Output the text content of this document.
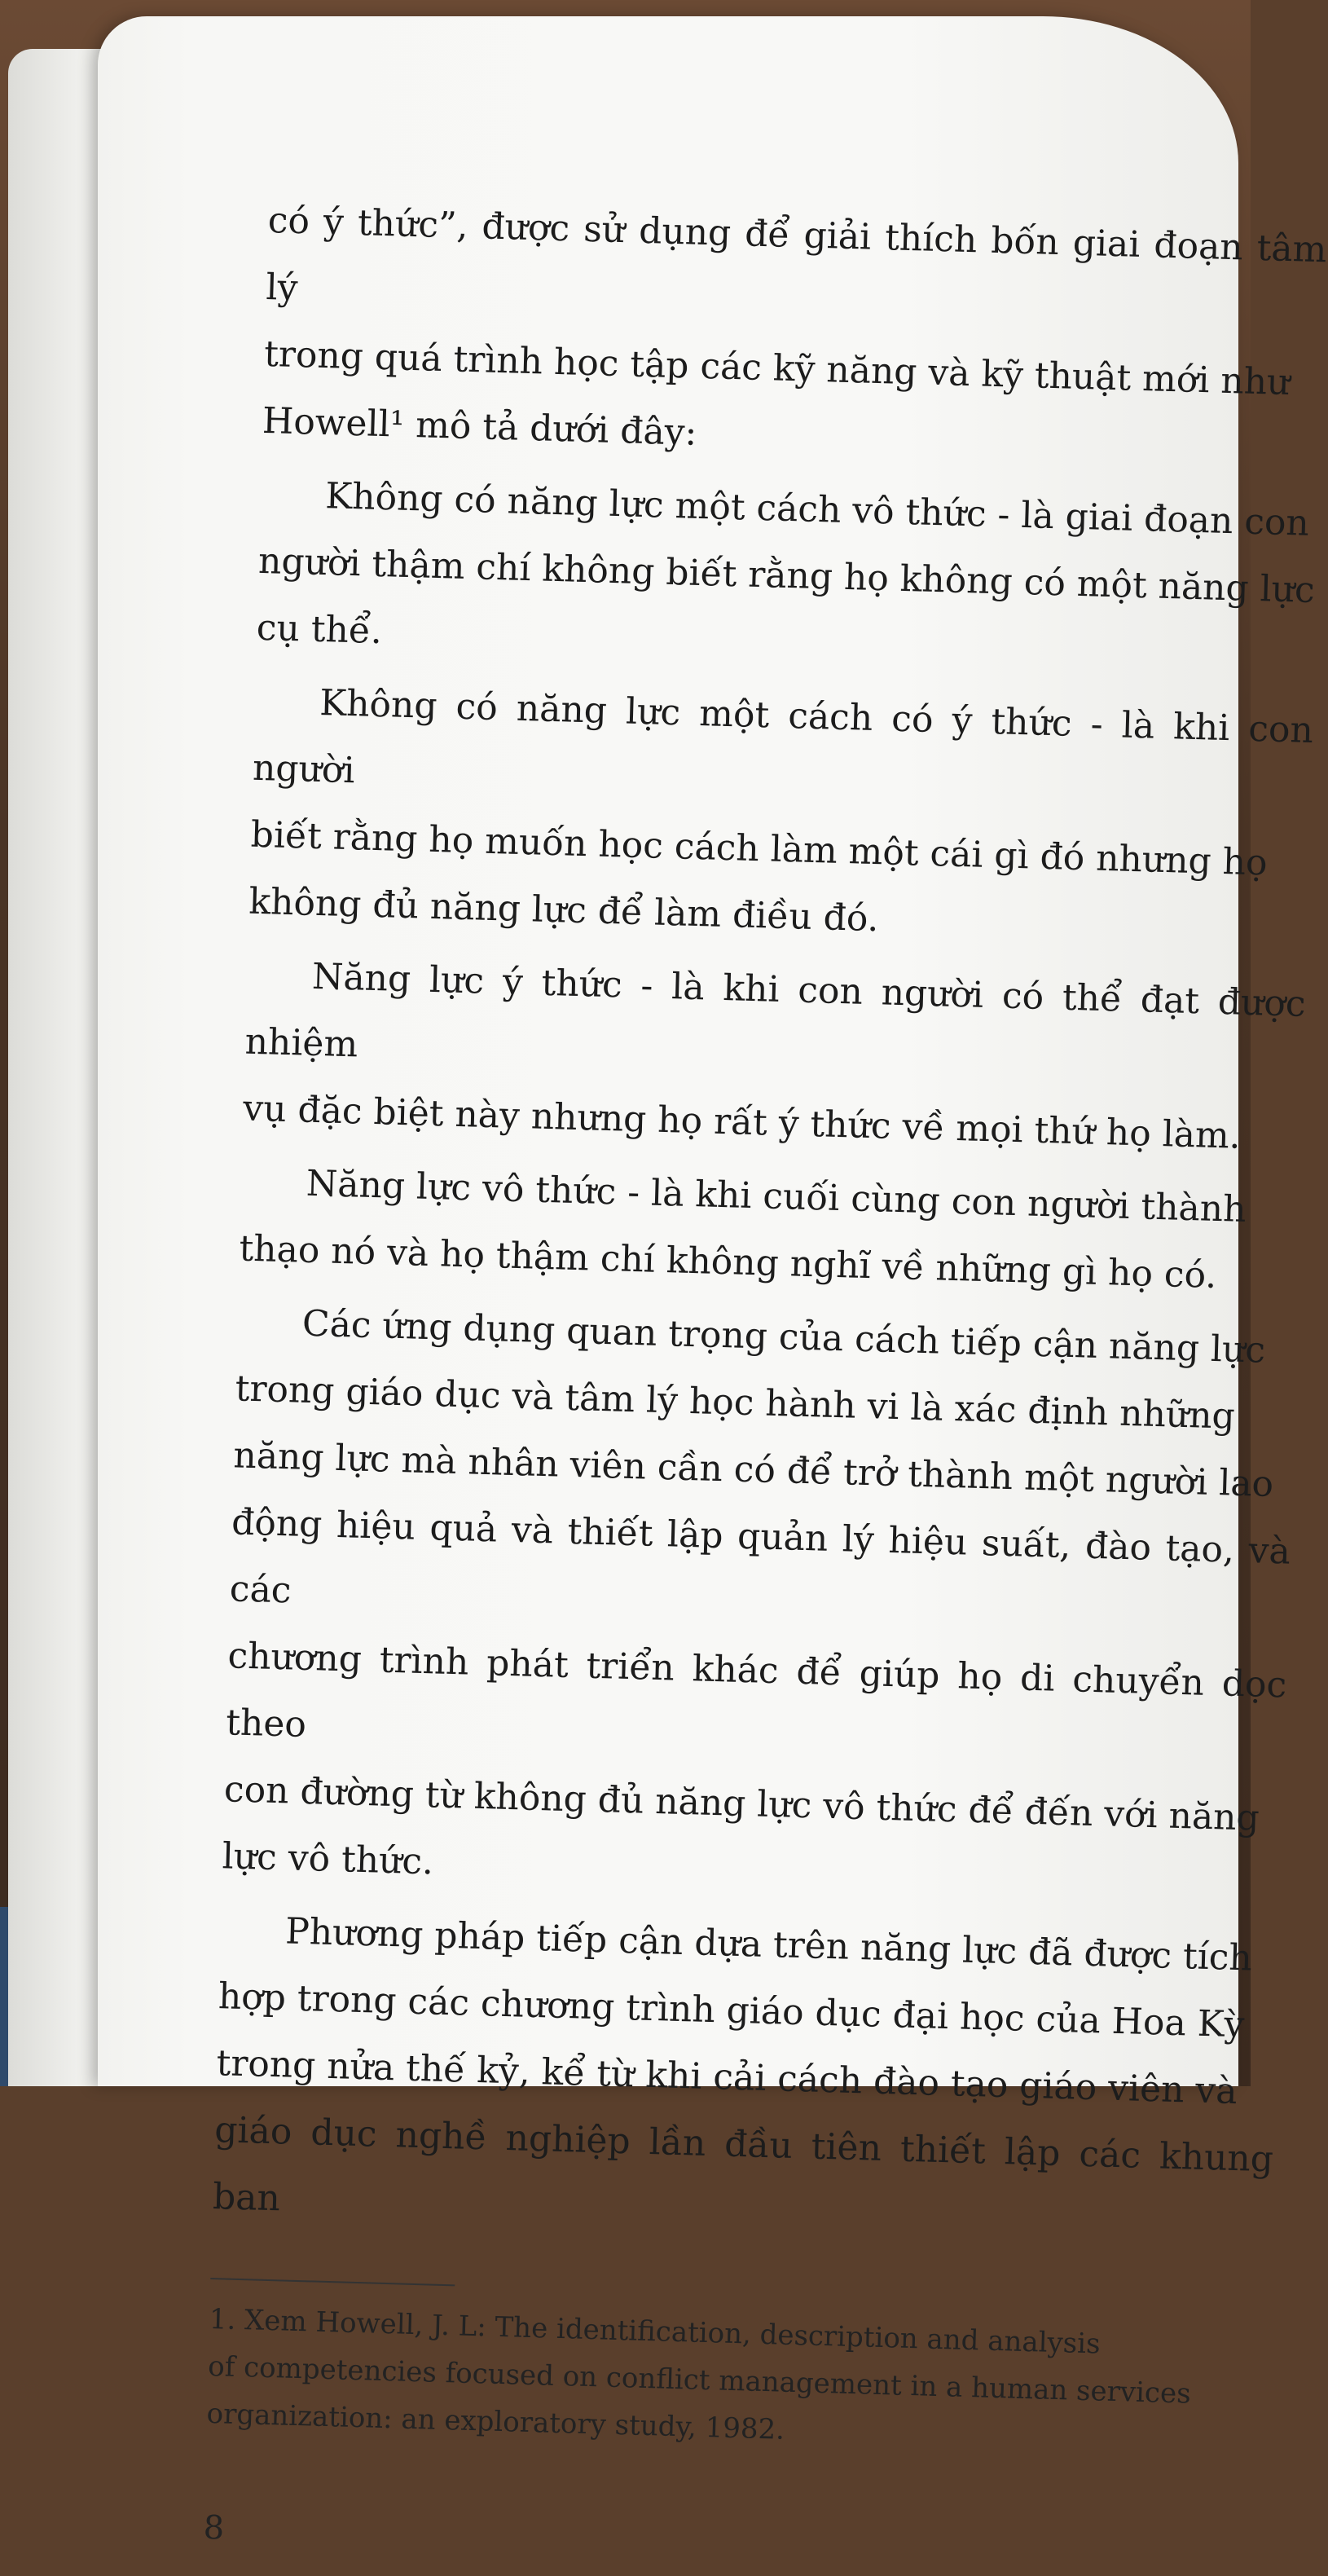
có ý thức”, được sử dụng để giải thích bốn giai đoạn tâm lý
trong quá trình học tập các kỹ năng và kỹ thuật mới như
Howell¹ mô tả dưới đây:

Không có năng lực một cách vô thức - là giai đoạn con
người thậm chí không biết rằng họ không có một năng lực
cụ thể.

Không có năng lực một cách có ý thức - là khi con người
biết rằng họ muốn học cách làm một cái gì đó nhưng họ
không đủ năng lực để làm điều đó.

Năng lực ý thức - là khi con người có thể đạt được nhiệm
vụ đặc biệt này nhưng họ rất ý thức về mọi thứ họ làm.

Năng lực vô thức - là khi cuối cùng con người thành
thạo nó và họ thậm chí không nghĩ về những gì họ có.

Các ứng dụng quan trọng của cách tiếp cận năng lực
trong giáo dục và tâm lý học hành vi là xác định những
năng lực mà nhân viên cần có để trở thành một người lao
động hiệu quả và thiết lập quản lý hiệu suất, đào tạo, và các
chương trình phát triển khác để giúp họ di chuyển dọc theo
con đường từ không đủ năng lực vô thức để đến với năng
lực vô thức.

Phương pháp tiếp cận dựa trên năng lực đã được tích
hợp trong các chương trình giáo dục đại học của Hoa Kỳ
trong nửa thế kỷ, kể từ khi cải cách đào tạo giáo viên và
giáo dục nghề nghiệp lần đầu tiên thiết lập các khung ban

1. Xem Howell, J. L: The identification, description and analysis
of competencies focused on conflict management in a human services
organization: an exploratory study, 1982.
8
